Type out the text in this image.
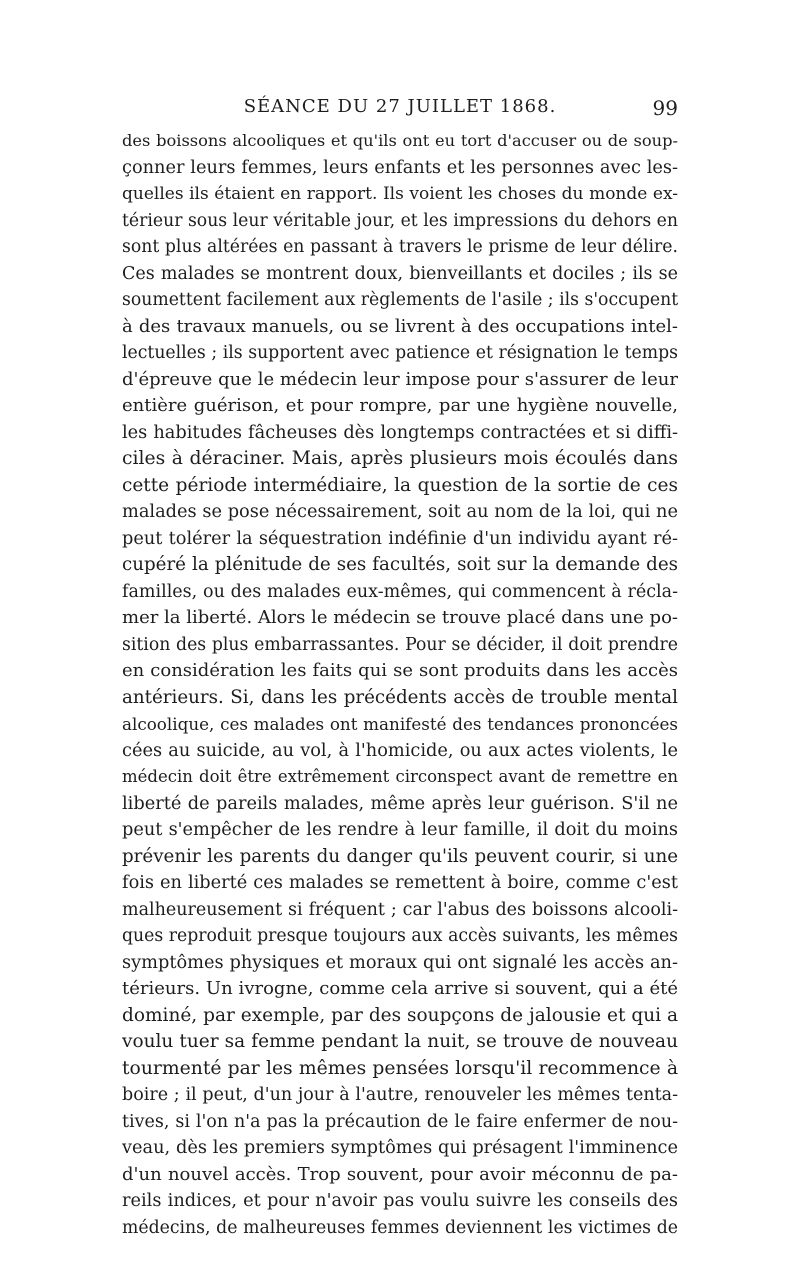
SÉANCE DU 27 JUILLET 1868.	99
des boissons alcooliques et qu'ils ont eu tort d'accuser ou de soup-
çonner leurs femmes, leurs enfants et les personnes avec les-
quelles ils étaient en rapport. Ils voient les choses du monde ex-
térieur sous leur véritable jour, et les impressions du dehors en
sont plus altérées en passant à travers le prisme de leur délire.
Ces malades se montrent doux, bienveillants et dociles ; ils se
soumettent facilement aux règlements de l'asile ; ils s'occupent
à des travaux manuels, ou se livrent à des occupations intel-
lectuelles ; ils supportent avec patience et résignation le temps
d'épreuve que le médecin leur impose pour s'assurer de leur
entière guérison, et pour rompre, par une hygiène nouvelle,
les habitudes fâcheuses dès longtemps contractées et si diffi-
ciles à déraciner. Mais, après plusieurs mois écoulés dans
cette période intermédiaire, la question de la sortie de ces
malades se pose nécessairement, soit au nom de la loi, qui ne
peut tolérer la séquestration indéfinie d'un individu ayant ré-
cupéré la plénitude de ses facultés, soit sur la demande des
familles, ou des malades eux-mêmes, qui commencent à récla-
mer la liberté. Alors le médecin se trouve placé dans une po-
sition des plus embarrassantes. Pour se décider, il doit prendre
en considération les faits qui se sont produits dans les accès
antérieurs. Si, dans les précédents accès de trouble mental
alcoolique, ces malades ont manifesté des tendances prononcées
cées au suicide, au vol, à l'homicide, ou aux actes violents, le
médecin doit être extrêmement circonspect avant de remettre en
liberté de pareils malades, même après leur guérison. S'il ne
peut s'empêcher de les rendre à leur famille, il doit du moins
prévenir les parents du danger qu'ils peuvent courir, si une
fois en liberté ces malades se remettent à boire, comme c'est
malheureusement si fréquent ; car l'abus des boissons alcooli-
ques reproduit presque toujours aux accès suivants, les mêmes
symptômes physiques et moraux qui ont signalé les accès an-
térieurs. Un ivrogne, comme cela arrive si souvent, qui a été
dominé, par exemple, par des soupçons de jalousie et qui a
voulu tuer sa femme pendant la nuit, se trouve de nouveau
tourmenté par les mêmes pensées lorsqu'il recommence à
boire ; il peut, d'un jour à l'autre, renouveler les mêmes tenta-
tives, si l'on n'a pas la précaution de le faire enfermer de nou-
veau, dès les premiers symptômes qui présagent l'imminence
d'un nouvel accès. Trop souvent, pour avoir méconnu de pa-
reils indices, et pour n'avoir pas voulu suivre les conseils des
médecins, de malheureuses femmes deviennent les victimes de
